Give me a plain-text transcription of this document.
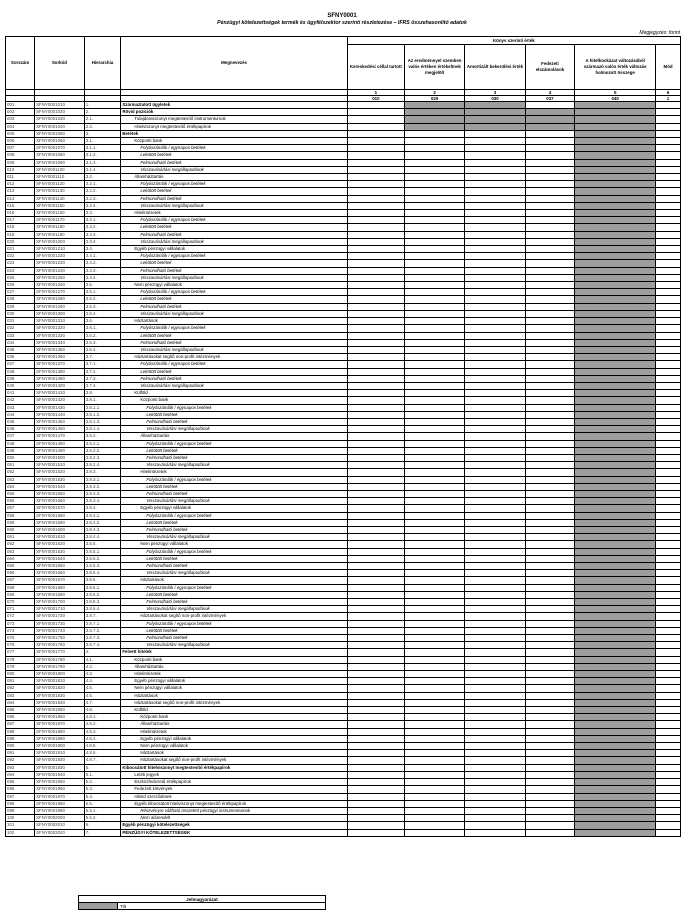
SFNY0001
Pénzügyi kötelezettségek termék és ügyfélszektor szerinti részletezése – IFRS összehasonlító adatok
Megjegyzés: forint
Sorszám	Sorkód	Hierarchia	Megnevezés	Könyv szerinti érték					
				Kereskedési céllal tartott	Az eredménnyel szemben valós értéken értékeltnek megjelölt	Amortizált bekerülési érték	Fedezeti elszámolások	A hitelkockázat változásából származó valós érték változás halmozott összege	Mód
				1	2	3	4	5	6
				010	020	030	037	040	z
001	SFNY0001010	1.	Származtatott ügyletek						
002	SFNY0001020	2.	Rövid pozíciók						
003	SFNY0001030	2.1.	Tulajdonviszonyt megtestesítő instrumentumok						
004	SFNY0001040	2.2.	Hitelviszonyt megtestesítő értékpapírok						
005	SFNY0001050	3.	Betétek						
006	SFNY0001060	3.1.	Központi bank						
007	SFNY0001070	3.1.1.	Folyószámlák / egynapos betétek						
008	SFNY0001080	3.1.2.	Lekötött betétek						
009	SFNY0001090	3.1.3.	Felmondható betétek						
010	SFNY0001100	3.1.4.	Visszavásárlási megállapodások						
011	SFNY0001110	3.2.	Államháztartás						
012	SFNY0001120	3.2.1.	Folyószámlák / egynapos betétek						
013	SFNY0001130	3.2.2.	Lekötött betétek						
014	SFNY0001140	3.2.3.	Felmondható betétek						
015	SFNY0001150	3.2.4.	Visszavásárlási megállapodások						
016	SFNY0001160	3.3.	Hitelintézetek						
017	SFNY0001170	3.3.1.	Folyószámlák / egynapos betétek						
018	SFNY0001180	3.3.2.	Lekötött betétek						
019	SFNY0001190	3.3.3.	Felmondható betétek						
020	SFNY0001200	3.3.4.	Visszavásárlási megállapodások						
021	SFNY0001210	3.4.	Egyéb pénzügyi vállalatok						
022	SFNY0001220	3.4.1.	Folyószámlák / egynapos betétek						
023	SFNY0001230	3.4.2.	Lekötött betétek						
024	SFNY0001240	3.4.3.	Felmondható betétek						
025	SFNY0001250	3.4.4.	Visszavásárlási megállapodások						
026	SFNY0001260	3.5.	Nem pénzügyi vállalatok						
027	SFNY0001270	3.5.1.	Folyószámlák / egynapos betétek						
028	SFNY0001280	3.5.2.	Lekötött betétek						
029	SFNY0001290	3.5.3.	Felmondható betétek						
030	SFNY0001300	3.5.4.	Visszavásárlási megállapodások						
031	SFNY0001310	3.6.	Háztartások						
032	SFNY0001320	3.6.1.	Folyószámlák / egynapos betétek						
033	SFNY0001330	3.6.2.	Lekötött betétek						
034	SFNY0001340	3.6.3.	Felmondható betétek						
035	SFNY0001350	3.6.4.	Visszavásárlási megállapodások						
036	SFNY0001360	3.7.	Háztartásokat segítő non-profit intézmények						
037	SFNY0001370	3.7.1.	Folyószámlák / egynapos betétek						
038	SFNY0001380	3.7.2.	Lekötött betétek						
039	SFNY0001390	3.7.3.	Felmondható betétek						
040	SFNY0001400	3.7.4.	Visszavásárlási megállapodások						
041	SFNY0001410	3.8.	Külföld						
042	SFNY0001420	3.8.1.	Központi bank						
043	SFNY0001430	3.8.1.1.	Folyószámlák / egynapos betétek						
044	SFNY0001440	3.8.1.2.	Lekötött betétek						
045	SFNY0001450	3.8.1.3.	Felmondható betétek						
046	SFNY0001460	3.8.1.4.	Visszavásárlási megállapodások						
047	SFNY0001470	3.8.2.	Államháztartás						
048	SFNY0001480	3.8.2.1.	Folyószámlák / egynapos betétek						
049	SFNY0001490	3.8.2.2.	Lekötött betétek						
050	SFNY0001500	3.8.2.3.	Felmondható betétek						
051	SFNY0001510	3.8.2.4.	Visszavásárlási megállapodások						
052	SFNY0001520	3.8.3.	Hitelintézetek						
053	SFNY0001530	3.8.3.1.	Folyószámlák / egynapos betétek						
054	SFNY0001540	3.8.3.2.	Lekötött betétek						
055	SFNY0001550	3.8.3.3.	Felmondható betétek						
056	SFNY0001560	3.8.3.4.	Visszavásárlási megállapodások						
057	SFNY0001570	3.8.4.	Egyéb pénzügyi vállalatok						
058	SFNY0001580	3.8.4.1.	Folyószámlák / egynapos betétek						
059	SFNY0001590	3.8.4.2.	Lekötött betétek						
060	SFNY0001600	3.8.4.3.	Felmondható betétek						
061	SFNY0001610	3.8.4.4.	Visszavásárlási megállapodások						
062	SFNY0001620	3.8.5.	Nem pénzügyi vállalatok						
063	SFNY0001630	3.8.5.1.	Folyószámlák / egynapos betétek						
064	SFNY0001640	3.8.5.2.	Lekötött betétek						
065	SFNY0001650	3.8.5.3.	Felmondható betétek						
066	SFNY0001660	3.8.5.4.	Visszavásárlási megállapodások						
067	SFNY0001670	3.8.6.	Háztartások						
068	SFNY0001680	3.8.6.1.	Folyószámlák / egynapos betétek						
069	SFNY0001690	3.8.6.2.	Lekötött betétek						
070	SFNY0001700	3.8.6.3.	Felmondható betétek						
071	SFNY0001710	3.8.6.4.	Visszavásárlási megállapodások						
072	SFNY0001720	3.8.7.	Háztartásokat segítő non-profit intézmények						
073	SFNY0001730	3.8.7.1.	Folyószámlák / egynapos betétek						
074	SFNY0001740	3.8.7.2.	Lekötött betétek						
075	SFNY0001750	3.8.7.3.	Felmondható betétek						
076	SFNY0001760	3.8.7.4.	Visszavásárlási megállapodások						
077	SFNY0001770	4.	Felvett hitelek						
078	SFNY0001780	4.1.	Központi bank						
079	SFNY0001790	4.2.	Államháztartás						
080	SFNY0001800	4.3.	Hitelintézetek						
081	SFNY0001810	4.4.	Egyéb pénzügyi vállalatok						
082	SFNY0001820	4.5.	Nem pénzügyi vállalatok						
083	SFNY0001830	4.6.	Háztartások						
084	SFNY0001840	4.7.	Háztartásokat segítő non-profit intézmények						
085	SFNY0001850	4.8.	Külföld						
086	SFNY0001860	4.8.1.	Központi bank						
087	SFNY0001870	4.8.2.	Államháztartás						
088	SFNY0001880	4.8.3.	Hitelintézetek						
089	SFNY0001890	4.8.4.	Egyéb pénzügyi vállalatok						
090	SFNY0001900	4.8.5.	Nem pénzügyi vállalatok						
091	SFNY0001910	4.8.6.	Háztartások						
092	SFNY0001920	4.8.7.	Háztartásokat segítő non-profit intézmények						
093	SFNY0001930	5.	Kibocsátott hitelviszonyt megtestesítő értékpapírok						
094	SFNY0001940	5.1.	Letéti jegyek						
095	SFNY0001950	5.2.	Eszközfedezetű értékpapírok						
096	SFNY0001960	5.3.	Fedezett kötvények						
097	SFNY0001970	5.4.	Hibrid szerződések						
098	SFNY0001980	5.5.	Egyéb kibocsátott hitelviszonyt megtestesítő értékpapírok						
099	SFNY0001990	5.5.1.	Részvényre váltható összetett pénzügyi instrumentumok						
100	SFNY0002000	5.5.2.	Nem alárendelt						
101	SFNY0002010	6.	Egyéb pénzügyi kötelezettségek						
102	SFNY0002020	7.	PÉNZÜGYI KÖTELEZETTSÉGEK						
Jelmagyarázat
	Tilt
